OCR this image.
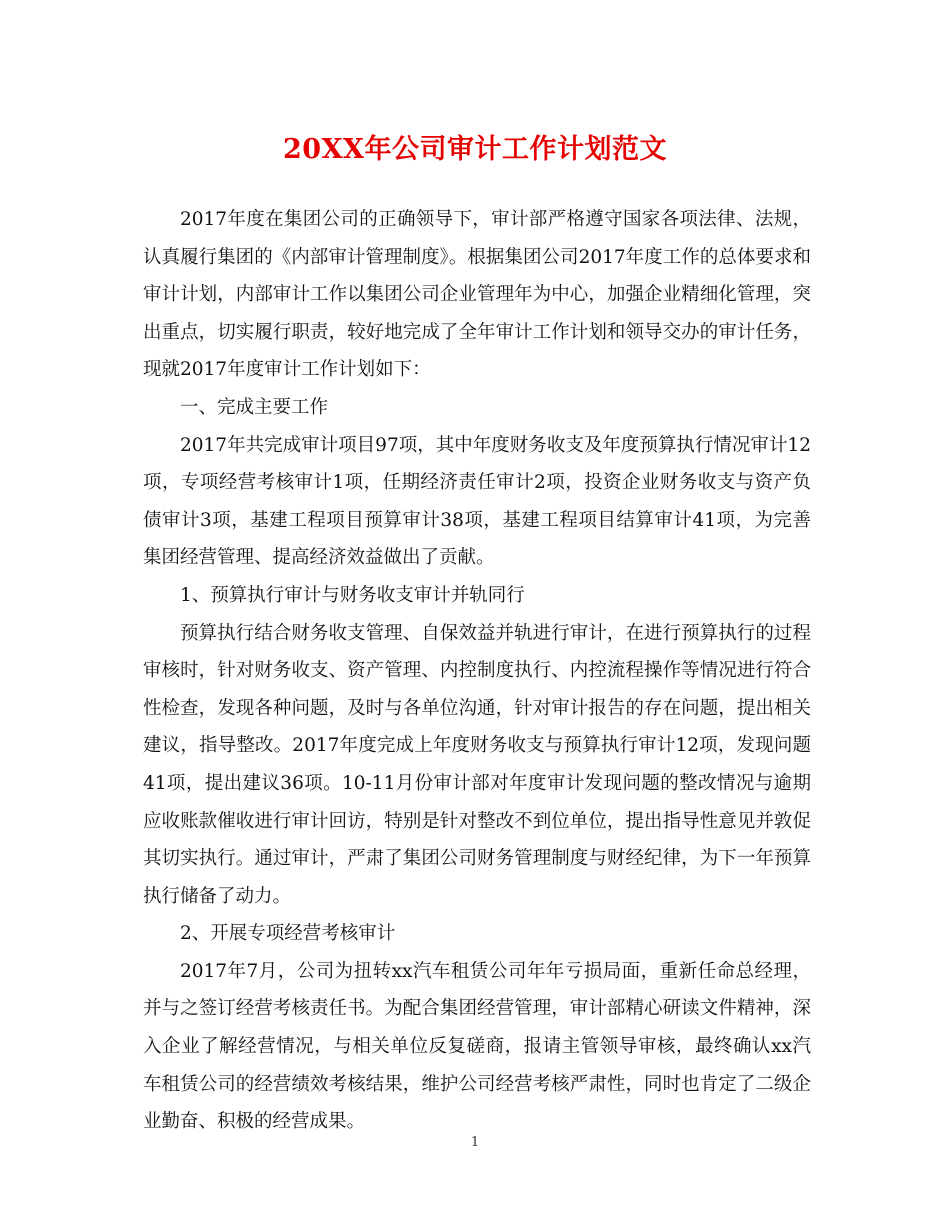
20XX年公司审计工作计划范文

2017年度在集团公司的正确领导下，审计部严格遵守国家各项法律、法规，认真履行集团的《内部审计管理制度》。根据集团公司2017年度工作的总体要求和审计计划，内部审计工作以集团公司企业管理年为中心，加强企业精细化管理，突出重点，切实履行职责，较好地完成了全年审计工作计划和领导交办的审计任务，现就2017年度审计工作计划如下：

一、完成主要工作

2017年共完成审计项目97项，其中年度财务收支及年度预算执行情况审计12项，专项经营考核审计1项，任期经济责任审计2项，投资企业财务收支与资产负债审计3项，基建工程项目预算审计38项，基建工程项目结算审计41项，为完善集团经营管理、提高经济效益做出了贡献。

1、预算执行审计与财务收支审计并轨同行

预算执行结合财务收支管理、自保效益并轨进行审计，在进行预算执行的过程审核时，针对财务收支、资产管理、内控制度执行、内控流程操作等情况进行符合性检查，发现各种问题，及时与各单位沟通，针对审计报告的存在问题，提出相关建议，指导整改。2017年度完成上年度财务收支与预算执行审计12项，发现问题41项，提出建议36项。10-11月份审计部对年度审计发现问题的整改情况与逾期应收账款催收进行审计回访，特别是针对整改不到位单位，提出指导性意见并敦促其切实执行。通过审计，严肃了集团公司财务管理制度与财经纪律，为下一年预算执行储备了动力。

2、开展专项经营考核审计

2017年7月，公司为扭转xx汽车租赁公司年年亏损局面，重新任命总经理，并与之签订经营考核责任书。为配合集团经营管理，审计部精心研读文件精神，深入企业了解经营情况，与相关单位反复磋商，报请主管领导审核，最终确认xx汽车租赁公司的经营绩效考核结果，维护公司经营考核严肃性，同时也肯定了二级企业勤奋、积极的经营成果。

1
